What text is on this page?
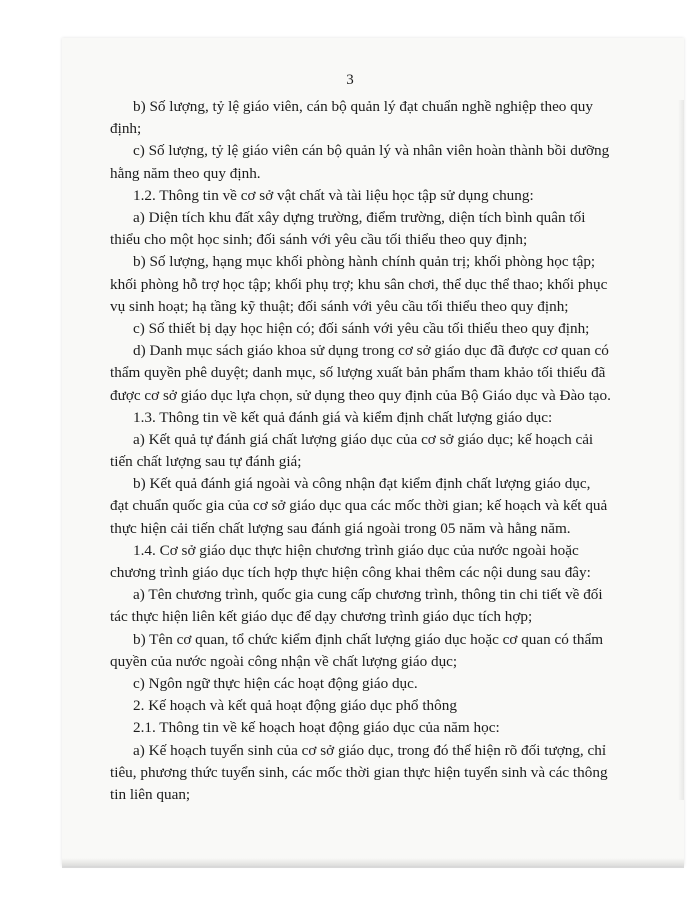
3
b) Số lượng, tỷ lệ giáo viên, cán bộ quản lý đạt chuẩn nghề nghiệp theo quy
định;
c) Số lượng, tỷ lệ giáo viên cán bộ quản lý và nhân viên hoàn thành bồi dưỡng
hằng năm theo quy định.
1.2. Thông tin về cơ sở vật chất và tài liệu học tập sử dụng chung:
a) Diện tích khu đất xây dựng trường, điểm trường, diện tích bình quân tối
thiểu cho một học sinh; đối sánh với yêu cầu tối thiểu theo quy định;
b) Số lượng, hạng mục khối phòng hành chính quản trị; khối phòng học tập;
khối phòng hỗ trợ học tập; khối phụ trợ; khu sân chơi, thể dục thể thao; khối phục
vụ sinh hoạt; hạ tầng kỹ thuật; đối sánh với yêu cầu tối thiểu theo quy định;
c) Số thiết bị dạy học hiện có; đối sánh với yêu cầu tối thiểu theo quy định;
d) Danh mục sách giáo khoa sử dụng trong cơ sở giáo dục đã được cơ quan có
thẩm quyền phê duyệt; danh mục, số lượng xuất bản phẩm tham khảo tối thiểu đã
được cơ sở giáo dục lựa chọn, sử dụng theo quy định của Bộ Giáo dục và Đào tạo.
1.3. Thông tin về kết quả đánh giá và kiểm định chất lượng giáo dục:
a) Kết quả tự đánh giá chất lượng giáo dục của cơ sở giáo dục; kế hoạch cải
tiến chất lượng sau tự đánh giá;
b) Kết quả đánh giá ngoài và công nhận đạt kiểm định chất lượng giáo dục,
đạt chuẩn quốc gia của cơ sở giáo dục qua các mốc thời gian; kế hoạch và kết quả
thực hiện cải tiến chất lượng sau đánh giá ngoài trong 05 năm và hằng năm.
1.4. Cơ sở giáo dục thực hiện chương trình giáo dục của nước ngoài hoặc
chương trình giáo dục tích hợp thực hiện công khai thêm các nội dung sau đây:
a) Tên chương trình, quốc gia cung cấp chương trình, thông tin chi tiết về đối
tác thực hiện liên kết giáo dục để dạy chương trình giáo dục tích hợp;
b) Tên cơ quan, tổ chức kiểm định chất lượng giáo dục hoặc cơ quan có thẩm
quyền của nước ngoài công nhận về chất lượng giáo dục;
c) Ngôn ngữ thực hiện các hoạt động giáo dục.
2. Kế hoạch và kết quả hoạt động giáo dục phổ thông
2.1. Thông tin về kế hoạch hoạt động giáo dục của năm học:
a) Kế hoạch tuyển sinh của cơ sở giáo dục, trong đó thể hiện rõ đối tượng, chỉ
tiêu, phương thức tuyển sinh, các mốc thời gian thực hiện tuyển sinh và các thông
tin liên quan;
